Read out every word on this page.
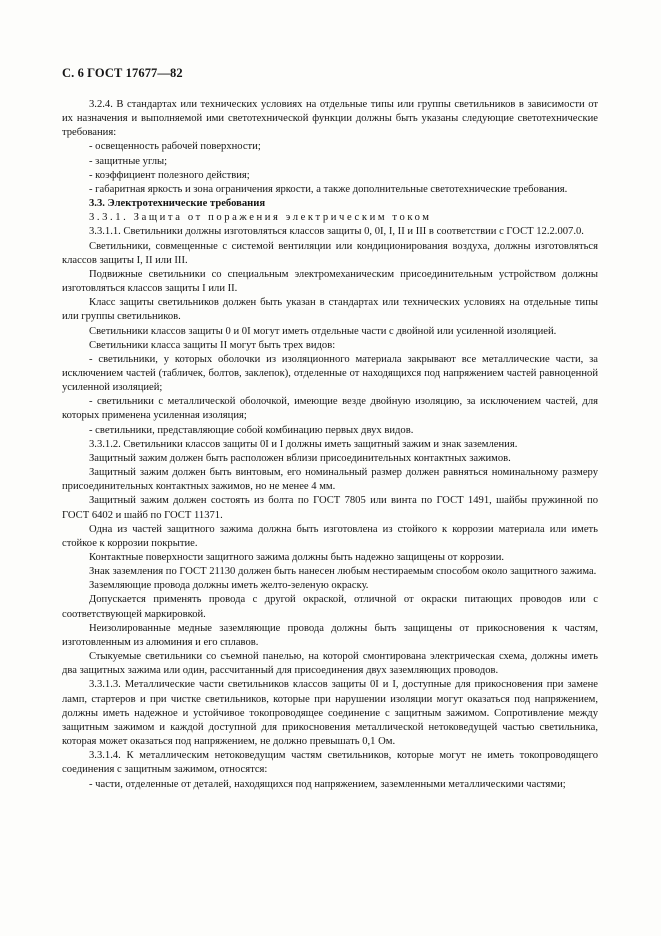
С. 6 ГОСТ 17677—82

3.2.4. В стандартах или технических условиях на отдельные типы или группы светильников в зависимости от их назначения и выполняемой ими светотехнической функции должны быть указаны следующие светотехнические требования:

- освещенность рабочей поверхности;

- защитные углы;

- коэффициент полезного действия;

- габаритная яркость и зона ограничения яркости, а также дополнительные светотехнические требования.

3.3. Электротехнические требования

3.3.1. Защита от поражения электрическим током

3.3.1.1. Светильники должны изготовляться классов защиты 0, 0I, I, II и III в соответствии с ГОСТ 12.2.007.0.

Светильники, совмещенные с системой вентиляции или кондиционирования воздуха, должны изготовляться классов защиты I, II или III.

Подвижные светильники со специальным электромеханическим присоединительным устройством должны изготовляться классов защиты I или II.

Класс защиты светильников должен быть указан в стандартах или технических условиях на отдельные типы или группы светильников.

Светильники классов защиты 0 и 0I могут иметь отдельные части с двойной или усиленной изоляцией.

Светильники класса защиты II могут быть трех видов:

- светильники, у которых оболочки из изоляционного материала закрывают все металлические части, за исключением частей (табличек, болтов, заклепок), отделенные от находящихся под напряжением частей равноценной усиленной изоляцией;

- светильники с металлической оболочкой, имеющие везде двойную изоляцию, за исключением частей, для которых применена усиленная изоляция;

- светильники, представляющие собой комбинацию первых двух видов.

3.3.1.2. Светильники классов защиты 0I и I должны иметь защитный зажим и знак заземления.

Защитный зажим должен быть расположен вблизи присоединительных контактных зажимов.

Защитный зажим должен быть винтовым, его номинальный размер должен равняться номинальному размеру присоединительных контактных зажимов, но не менее 4 мм.

Защитный зажим должен состоять из болта по ГОСТ 7805 или винта по ГОСТ 1491, шайбы пружинной по ГОСТ 6402 и шайб по ГОСТ 11371.

Одна из частей защитного зажима должна быть изготовлена из стойкого к коррозии материала или иметь стойкое к коррозии покрытие.

Контактные поверхности защитного зажима должны быть надежно защищены от коррозии.

Знак заземления по ГОСТ 21130 должен быть нанесен любым нестираемым способом около защитного зажима.

Заземляющие провода должны иметь желто-зеленую окраску.

Допускается применять провода с другой окраской, отличной от окраски питающих проводов или с соответствующей маркировкой.

Неизолированные медные заземляющие провода должны быть защищены от прикосновения к частям, изготовленным из алюминия и его сплавов.

Стыкуемые светильники со съемной панелью, на которой смонтирована электрическая схема, должны иметь два защитных зажима или один, рассчитанный для присоединения двух заземляющих проводов.

3.3.1.3. Металлические части светильников классов защиты 0I и I, доступные для прикосновения при замене ламп, стартеров и при чистке светильников, которые при нарушении изоляции могут оказаться под напряжением, должны иметь надежное и устойчивое токопроводящее соединение с защитным зажимом. Сопротивление между защитным зажимом и каждой доступной для прикосновения металлической нетоковедущей частью светильника, которая может оказаться под напряжением, не должно превышать 0,1 Ом.

3.3.1.4. К металлическим нетоковедущим частям светильников, которые могут не иметь токопроводящего соединения с защитным зажимом, относятся:

- части, отделенные от деталей, находящихся под напряжением, заземленными металлическими частями;
